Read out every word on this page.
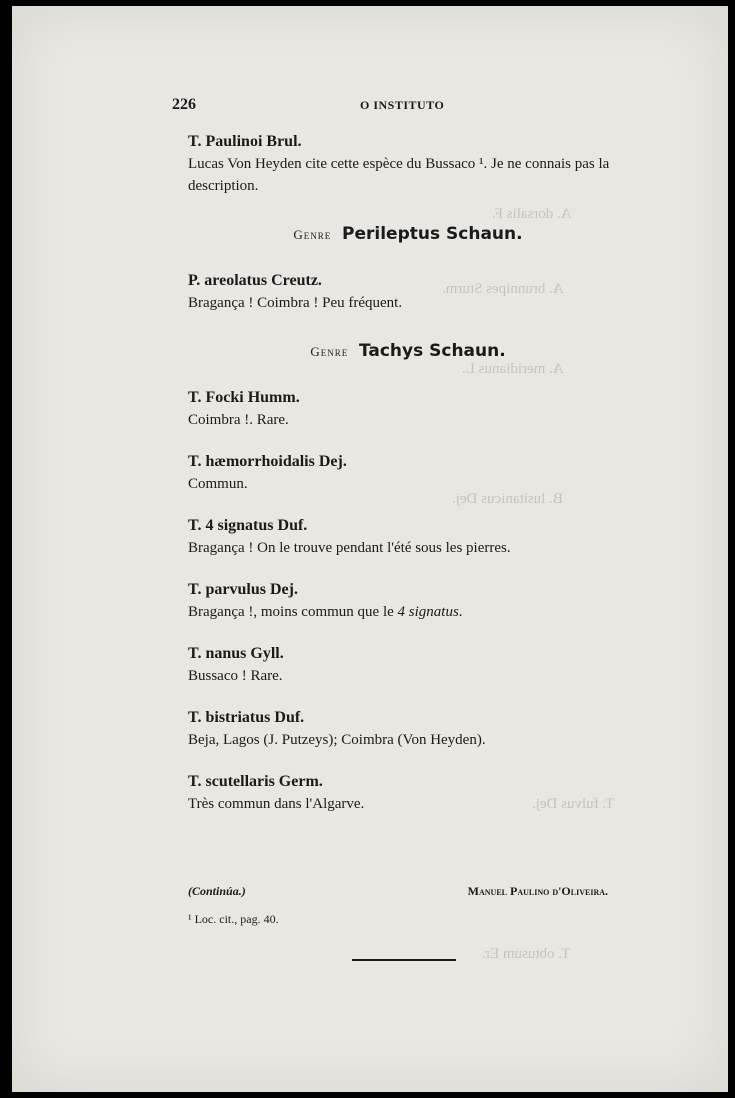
A. dorsalis F.
A. brunnipes Sturm.
A. meridianus L.
B. lusitanicus Dej.
T. fulvus Dej.
T. obtusum Er.
226	O INSTITUTO
T. Paulinoi Brul.
Lucas Von Heyden cite cette espèce du Bussaco ¹. Je ne connais pas la description.
Genre Perileptus Schaun.
P. areolatus Creutz.
Bragança ! Coimbra ! Peu fréquent.
Genre Tachys Schaun.
T. Focki Humm.
Coimbra !. Rare.
T. hæmorrhoidalis Dej.
Commun.
T. 4 signatus Duf.
Bragança ! On le trouve pendant l'été sous les pierres.
T. parvulus Dej.
Bragança !, moins commun que le 4 signatus.
T. nanus Gyll.
Bussaco ! Rare.
T. bistriatus Duf.
Beja, Lagos (J. Putzeys); Coimbra (Von Heyden).
T. scutellaris Germ.
Très commun dans l'Algarve.
(Continúa.)	Manuel Paulino d'Oliveira.
¹ Loc. cit., pag. 40.
